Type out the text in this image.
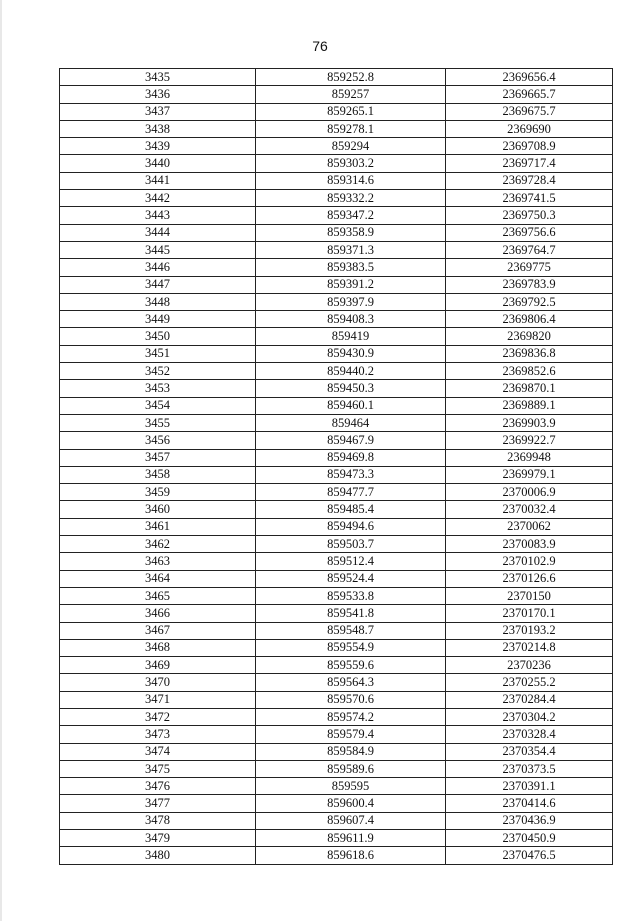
76
3435	859252.8	2369656.4
3436	859257	2369665.7
3437	859265.1	2369675.7
3438	859278.1	2369690
3439	859294	2369708.9
3440	859303.2	2369717.4
3441	859314.6	2369728.4
3442	859332.2	2369741.5
3443	859347.2	2369750.3
3444	859358.9	2369756.6
3445	859371.3	2369764.7
3446	859383.5	2369775
3447	859391.2	2369783.9
3448	859397.9	2369792.5
3449	859408.3	2369806.4
3450	859419	2369820
3451	859430.9	2369836.8
3452	859440.2	2369852.6
3453	859450.3	2369870.1
3454	859460.1	2369889.1
3455	859464	2369903.9
3456	859467.9	2369922.7
3457	859469.8	2369948
3458	859473.3	2369979.1
3459	859477.7	2370006.9
3460	859485.4	2370032.4
3461	859494.6	2370062
3462	859503.7	2370083.9
3463	859512.4	2370102.9
3464	859524.4	2370126.6
3465	859533.8	2370150
3466	859541.8	2370170.1
3467	859548.7	2370193.2
3468	859554.9	2370214.8
3469	859559.6	2370236
3470	859564.3	2370255.2
3471	859570.6	2370284.4
3472	859574.2	2370304.2
3473	859579.4	2370328.4
3474	859584.9	2370354.4
3475	859589.6	2370373.5
3476	859595	2370391.1
3477	859600.4	2370414.6
3478	859607.4	2370436.9
3479	859611.9	2370450.9
3480	859618.6	2370476.5
